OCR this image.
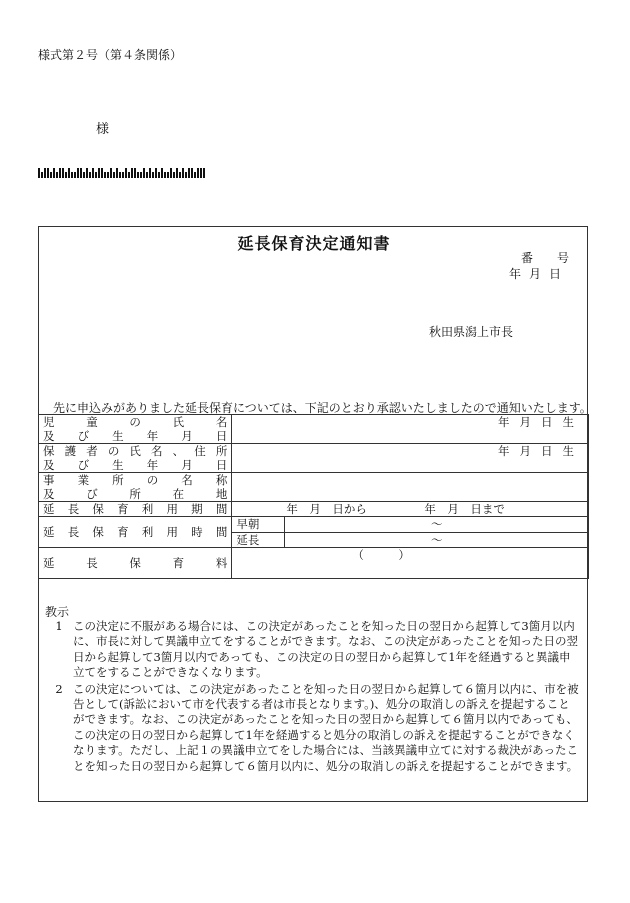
様式第２号（第４条関係）
様
延長保育決定通知書
番　　号
年月日
秋田県潟上市長
先に申込みがありました延長保育については、下記のとおり承認いたしましたので通知いたします。
児童の氏名
及び生年月日	年月日生	

保護者の氏名、住所
及び生年月日	年月日生	

事業所の名称
及び所在地		

延長保育利用期間	年　月　日から　　　　　年　月　日まで	
延長保育利用時間	早朝	～
	延長	～
延長保育料	（　　　）	
教示
1 この決定に不服がある場合には、この決定があったことを知った日の翌日から起算して3箇月以内に、市長に対して異議申立てをすることができます。なお、この決定があったことを知った日の翌日から起算して3箇月以内であっても、この決定の日の翌日から起算して1年を経過すると異議申立てをすることができなくなります。
2 この決定については、この決定があったことを知った日の翌日から起算して６箇月以内に、市を被告として(訴訟において市を代表する者は市長となります。)、処分の取消しの訴えを提起することができます。なお、この決定があったことを知った日の翌日から起算して６箇月以内であっても、この決定の日の翌日から起算して1年を経過すると処分の取消しの訴えを提起することができなくなります。ただし、上記１の異議申立てをした場合には、当該異議申立てに対する裁決があったことを知った日の翌日から起算して６箇月以内に、処分の取消しの訴えを提起することができます。
